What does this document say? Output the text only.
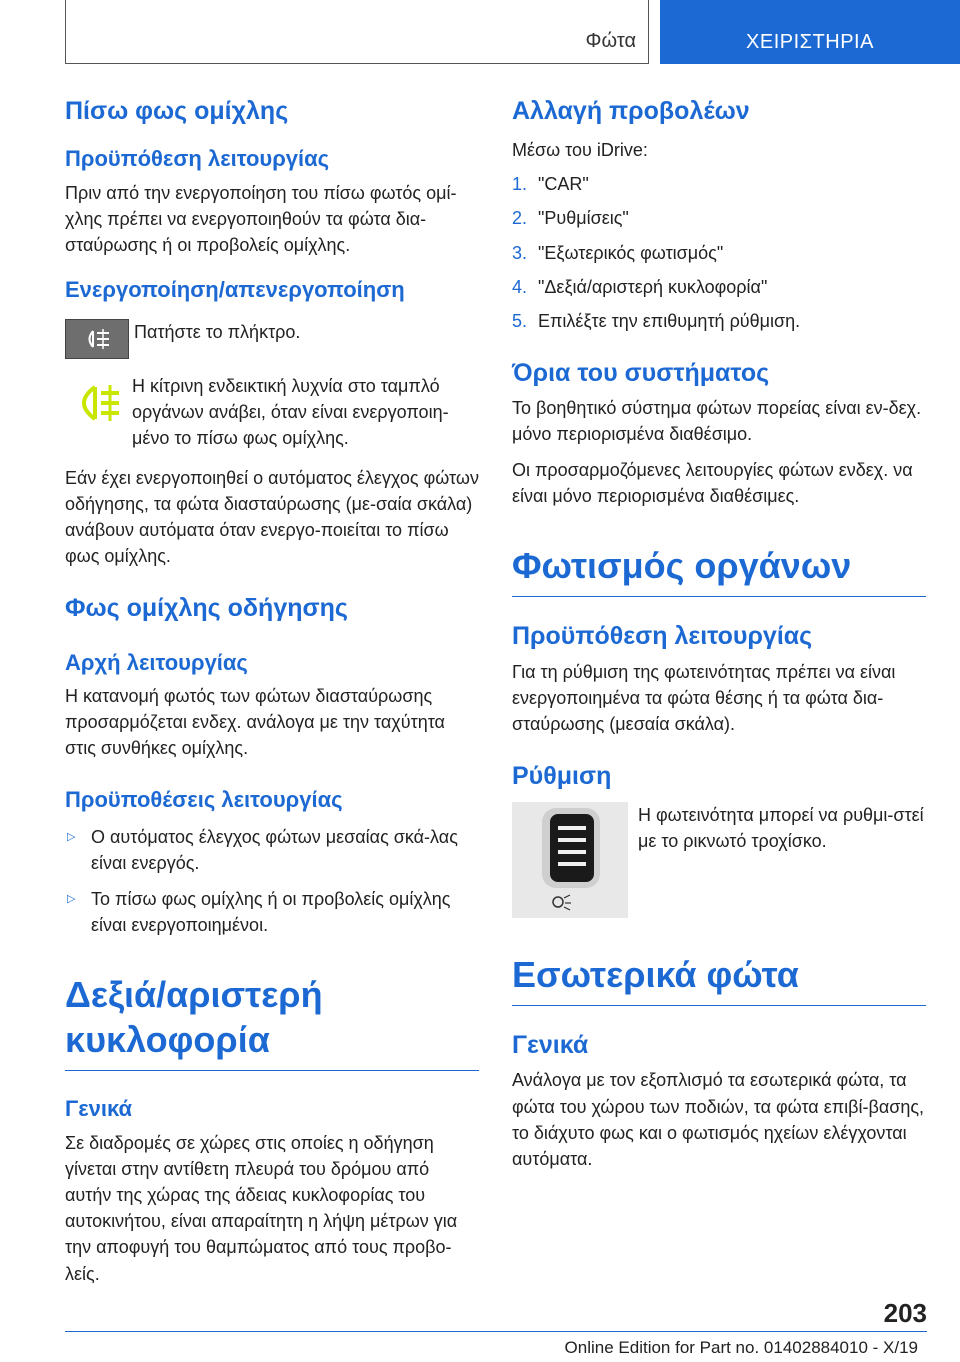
Φώτα	ΧΕΙΡΙΣΤΗΡΙΑ
Πίσω φως ομίχλης
Προϋπόθεση λειτουργίας

Πριν από την ενεργοποίηση του πίσω φωτός ομί-χλης πρέπει να ενεργοποιηθούν τα φώτα δια-σταύρωσης ή οι προβολείς ομίχλης.

Ενεργοποίηση/απενεργοποίηση

Πατήστε το πλήκτρο.

Η κίτρινη ενδεικτική λυχνία στο ταμπλό οργάνων ανάβει, όταν είναι ενεργοποιη-μένο το πίσω φως ομίχλης.

Εάν έχει ενεργοποιηθεί ο αυτόματος έλεγχος φώτων οδήγησης, τα φώτα διασταύρωσης (με-σαία σκάλα) ανάβουν αυτόματα όταν ενεργο-ποιείται το πίσω φως ομίχλης.

Φως ομίχλης οδήγησης
Αρχή λειτουργίας

Η κατανομή φωτός των φώτων διασταύρωσης προσαρμόζεται ενδεχ. ανάλογα με την ταχύτητα στις συνθήκες ομίχλης.

Προϋποθέσεις λειτουργίας
▷ Ο αυτόματος έλεγχος φώτων μεσαίας σκά-λας είναι ενεργός.
▷ Το πίσω φως ομίχλης ή οι προβολείς ομίχλης είναι ενεργοποιημένοι.
Δεξιά/αριστερή κυκλοφορία
Γενικά

Σε διαδρομές σε χώρες στις οποίες η οδήγηση γίνεται στην αντίθετη πλευρά του δρόμου από αυτήν της χώρας της άδειας κυκλοφορίας του αυτοκινήτου, είναι απαραίτητη η λήψη μέτρων για την αποφυγή του θαμπώματος από τους προβο-λείς.

Αλλαγή προβολέων

Μέσω του iDrive:

1. "CAR"
2. "Ρυθμίσεις"
3. "Εξωτερικός φωτισμός"
4. "Δεξιά/αριστερή κυκλοφορία"
5. Επιλέξτε την επιθυμητή ρύθμιση.
Όρια του συστήματος

Το βοηθητικό σύστημα φώτων πορείας είναι εν-δεχ. μόνο περιορισμένα διαθέσιμο.

Οι προσαρμοζόμενες λειτουργίες φώτων ενδεχ. να είναι μόνο περιορισμένα διαθέσιμες.

Φωτισμός οργάνων
Προϋπόθεση λειτουργίας

Για τη ρύθμιση της φωτεινότητας πρέπει να είναι ενεργοποιημένα τα φώτα θέσης ή τα φώτα δια-σταύρωσης (μεσαία σκάλα).

Ρύθμιση

Η φωτεινότητα μπορεί να ρυθμι-στεί με το ρικνωτό τροχίσκο.

Εσωτερικά φώτα
Γενικά

Ανάλογα με τον εξοπλισμό τα εσωτερικά φώτα, τα φώτα του χώρου των ποδιών, τα φώτα επιβί-βασης, το διάχυτο φως και ο φωτισμός ηχείων ελέγχονται αυτόματα.

203
Online Edition for Part no. 01402884010 - X/19
